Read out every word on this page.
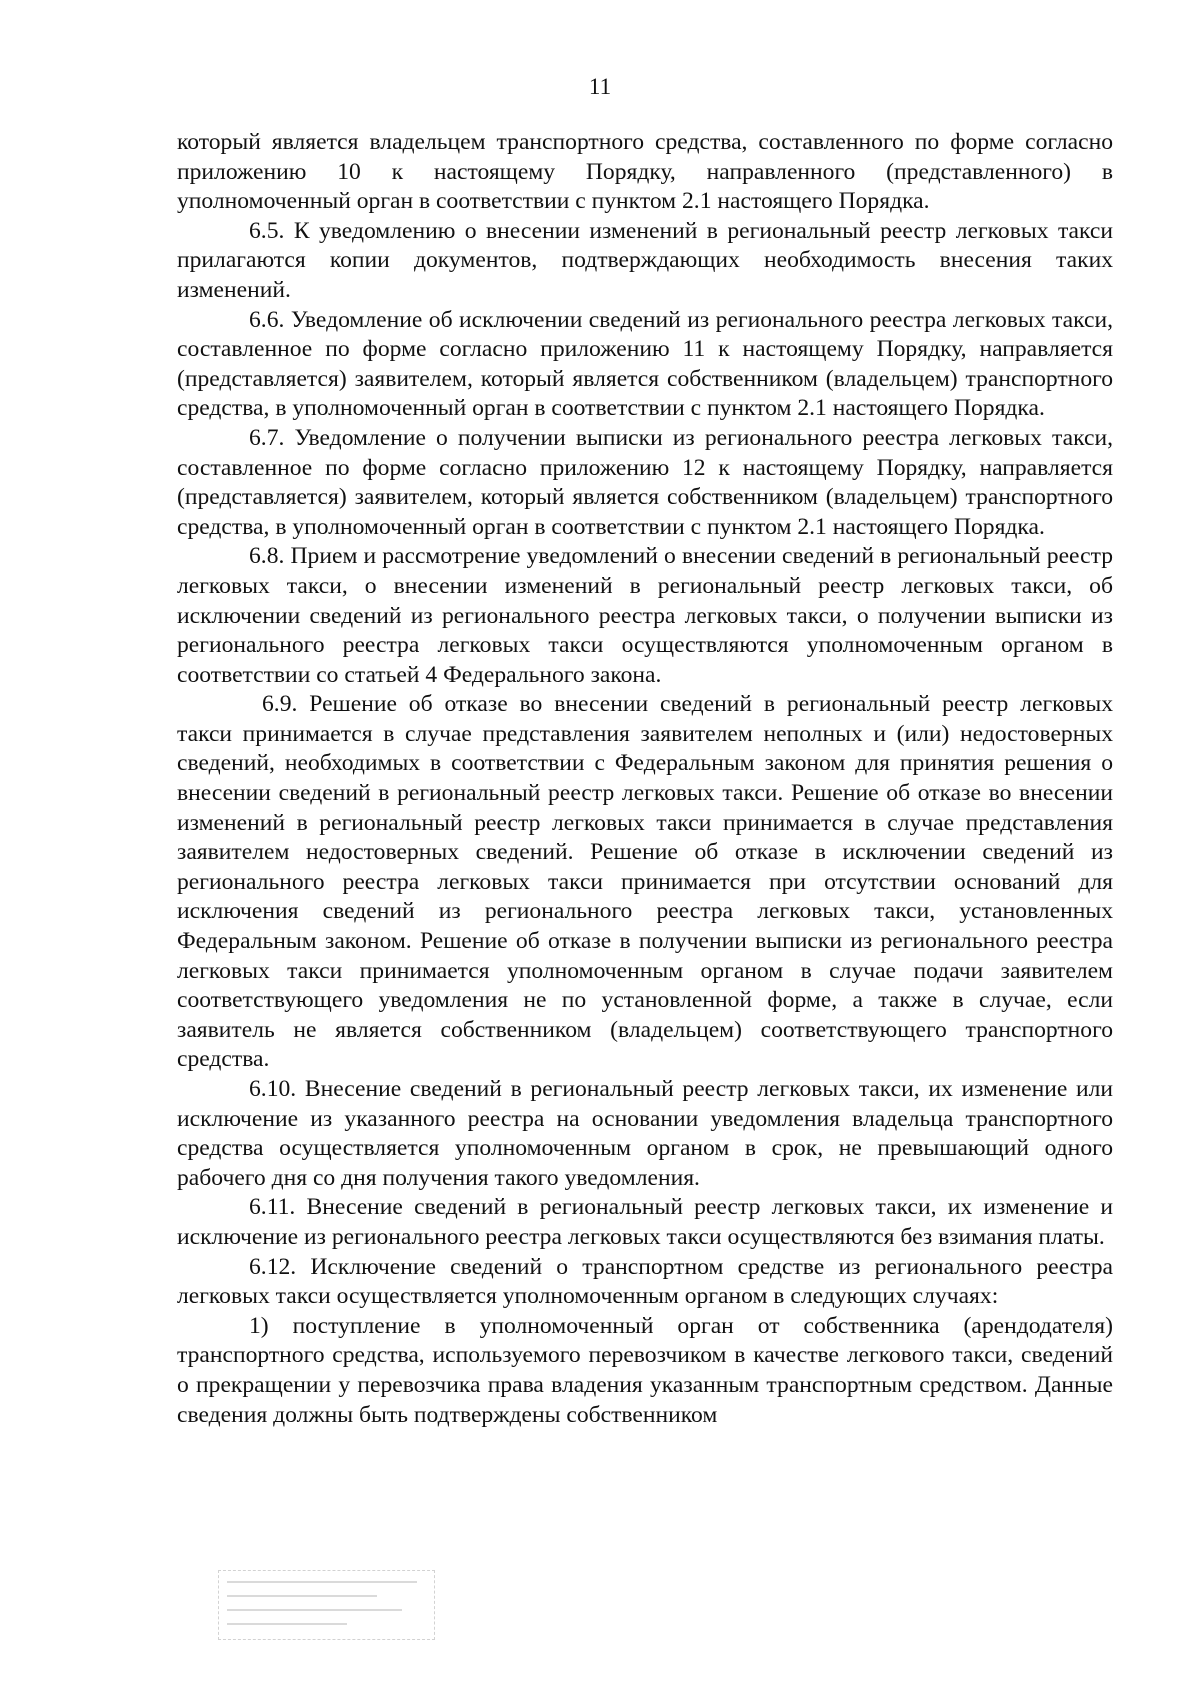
11

который является владельцем транспортного средства, составленного по форме согласно приложению 10 к настоящему Порядку, направленного (представленного) в уполномоченный орган в соответствии с пунктом 2.1 настоящего Порядка.

6.5. К уведомлению о внесении изменений в региональный реестр легковых такси прилагаются копии документов, подтверждающих необходимость внесения таких изменений.

6.6. Уведомление об исключении сведений из регионального реестра легковых такси, составленное по форме согласно приложению 11 к настоящему Порядку, направляется (представляется) заявителем, который является собственником (владельцем) транспортного средства, в уполномоченный орган в соответствии с пунктом 2.1 настоящего Порядка.

6.7. Уведомление о получении выписки из регионального реестра легковых такси, составленное по форме согласно приложению 12 к настоящему Порядку, направляется (представляется) заявителем, который является собственником (владельцем) транспортного средства, в уполномоченный орган в соответствии с пунктом 2.1 настоящего Порядка.

6.8. Прием и рассмотрение уведомлений о внесении сведений в региональный реестр легковых такси, о внесении изменений в региональный реестр легковых такси, об исключении сведений из регионального реестра легковых такси, о получении выписки из регионального реестра легковых такси осуществляются уполномоченным органом в соответствии со статьей 4 Федерального закона.

6.9. Решение об отказе во внесении сведений в региональный реестр легковых такси принимается в случае представления заявителем неполных и (или) недостоверных сведений, необходимых в соответствии с Федеральным законом для принятия решения о внесении сведений в региональный реестр легковых такси. Решение об отказе во внесении изменений в региональный реестр легковых такси принимается в случае представления заявителем недостоверных сведений. Решение об отказе в исключении сведений из регионального реестра легковых такси принимается при отсутствии оснований для исключения сведений из регионального реестра легковых такси, установленных Федеральным законом. Решение об отказе в получении выписки из регионального реестра легковых такси принимается уполномоченным органом в случае подачи заявителем соответствующего уведомления не по установленной форме, а также в случае, если заявитель не является собственником (владельцем) соответствующего транспортного средства.

6.10. Внесение сведений в региональный реестр легковых такси, их изменение или исключение из указанного реестра на основании уведомления владельца транспортного средства осуществляется уполномоченным органом в срок, не превышающий одного рабочего дня со дня получения такого уведомления.

6.11. Внесение сведений в региональный реестр легковых такси, их изменение и исключение из регионального реестра легковых такси осуществляются без взимания платы.

6.12. Исключение сведений о транспортном средстве из регионального реестра легковых такси осуществляется уполномоченным органом в следующих случаях:

1) поступление в уполномоченный орган от собственника (арендодателя) транспортного средства, используемого перевозчиком в качестве легкового такси, сведений о прекращении у перевозчика права владения указанным транспортным средством. Данные сведения должны быть подтверждены собственником
